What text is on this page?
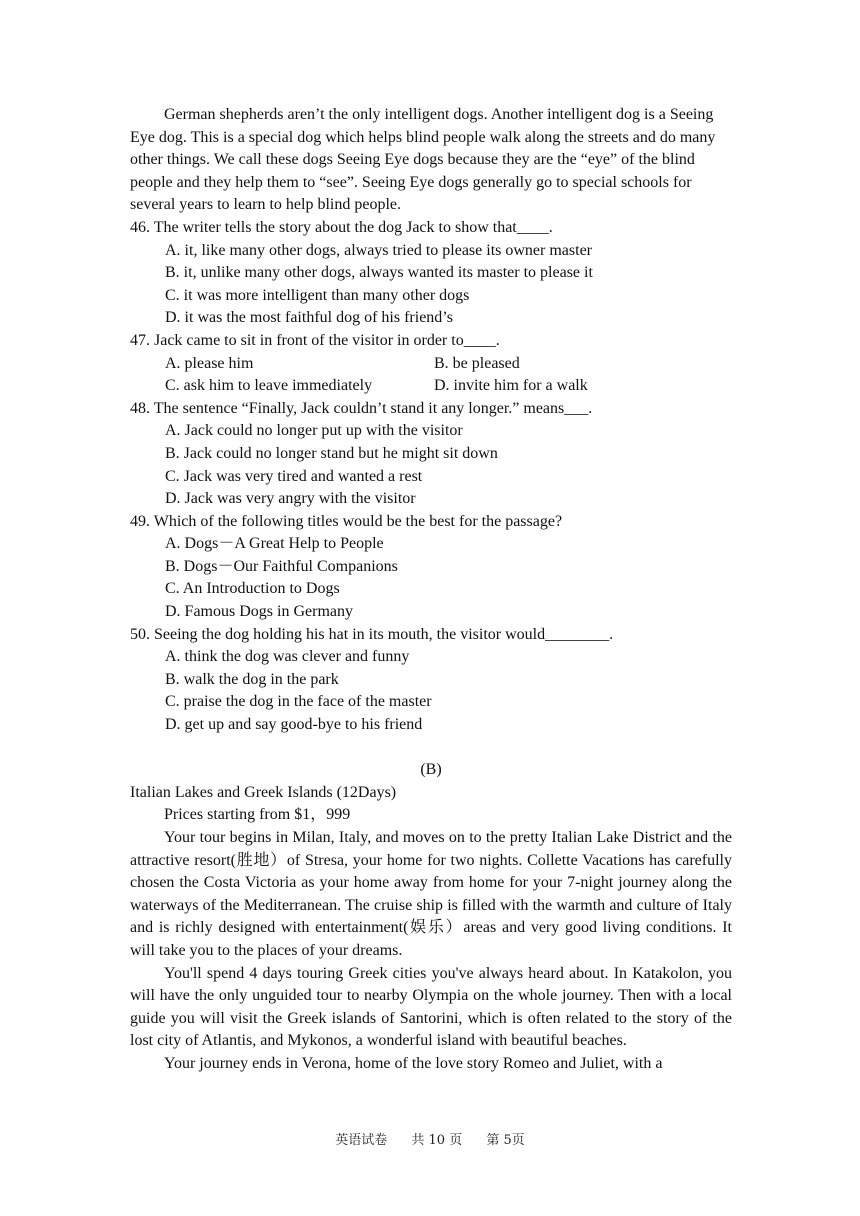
German shepherds aren’t the only intelligent dogs. Another intelligent dog is a Seeing Eye dog. This is a special dog which helps blind people walk along the streets and do many other things. We call these dogs Seeing Eye dogs because they are the “eye” of the blind people and they help them to “see”. Seeing Eye dogs generally go to special schools for several years to learn to help blind people.

46. The writer tells the story about the dog Jack to show that____.

A. it, like many other dogs, always tried to please its owner master

B. it, unlike many other dogs, always wanted its master to please it

C. it was more intelligent than many other dogs

D. it was the most faithful dog of his friend’s

47. Jack came to sit in front of the visitor in order to____.

A. please him	B. be pleased
C. ask him to leave immediately	D. invite him for a walk

48. The sentence “Finally, Jack couldn’t stand it any longer.” means___.

A. Jack could no longer put up with the visitor

B. Jack could no longer stand but he might sit down

C. Jack was very tired and wanted a rest

D. Jack was very angry with the visitor

49. Which of the following titles would be the best for the passage?

A. Dogs－A Great Help to People

B. Dogs－Our Faithful Companions

C. An Introduction to Dogs

D. Famous Dogs in Germany

50. Seeing the dog holding his hat in its mouth, the visitor would________.

A. think the dog was clever and funny

B. walk the dog in the park

C. praise the dog in the face of the master

D. get up and say good-bye to his friend

(B)

Italian Lakes and Greek Islands (12Days)

Prices starting from $1，999

Your tour begins in Milan, Italy, and moves on to the pretty Italian Lake District and the attractive resort(胜地）of Stresa, your home for two nights. Collette Vacations has carefully chosen the Costa Victoria as your home away from home for your 7-night journey along the waterways of the Mediterranean. The cruise ship is filled with the warmth and culture of Italy and is richly designed with entertainment(娱乐）areas and very good living conditions. It will take you to the places of your dreams.

You'll spend 4 days touring Greek cities you've always heard about. In Katakolon, you will have the only unguided tour to nearby Olympia on the whole journey. Then with a local guide you will visit the Greek islands of Santorini, which is often related to the story of the lost city of Atlantis, and Mykonos, a wonderful island with beautiful beaches.

Your journey ends in Verona, home of the love story Romeo and Juliet, with a

英语试卷 共 10 页 第 5页
